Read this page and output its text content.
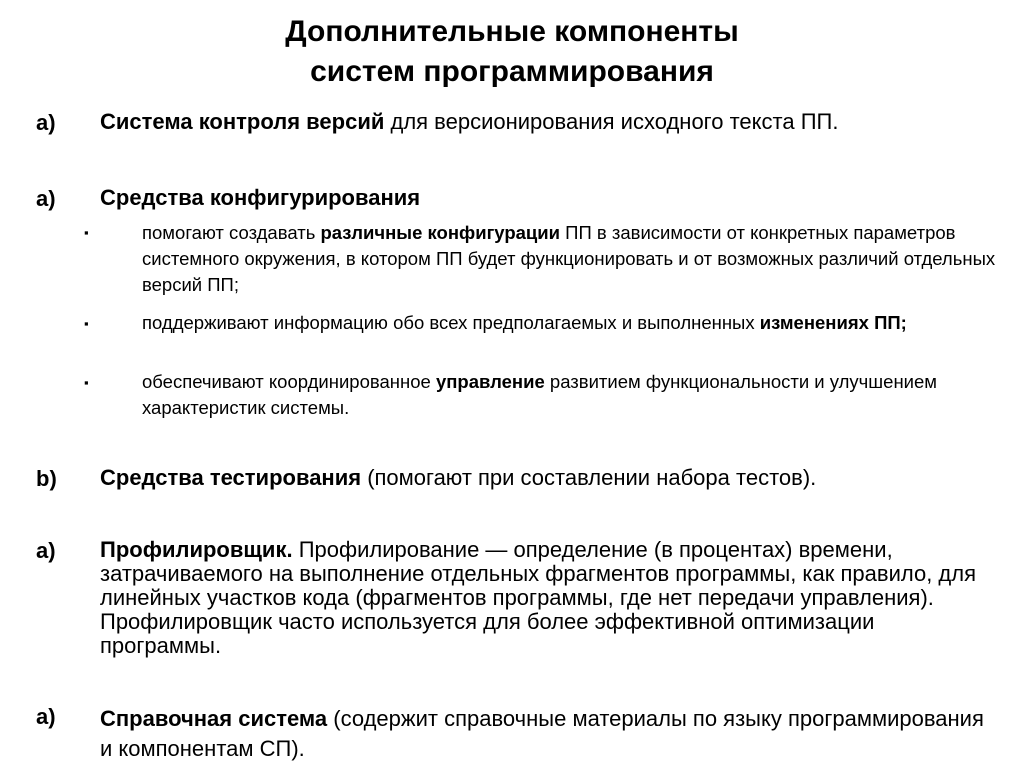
Дополнительные компоненты
систем программирования
a) Система контроля версий для версионирования исходного текста ПП.
a) Средства конфигурирования
▪	помогают создавать различные конфигурации ПП в зависимости от конкретных параметров системного окружения, в котором ПП будет функционировать и от возможных различий отдельных версий ПП;
▪	поддерживают информацию обо всех предполагаемых и выполненных изменениях ПП;
▪	обеспечивают координированное управление развитием функциональности и улучшением характеристик системы.
b) Средства тестирования (помогают при составлении набора тестов).
a) Профилировщик. Профилирование — определение (в процентах) времени, затрачиваемого на выполнение отдельных фрагментов программы, как правило, для линейных участков кода (фрагментов программы, где нет передачи управления). Профилировщик часто используется для более эффективной оптимизации программы.
a) Справочная система (содержит справочные материалы по языку программирования и компонентам СП).
